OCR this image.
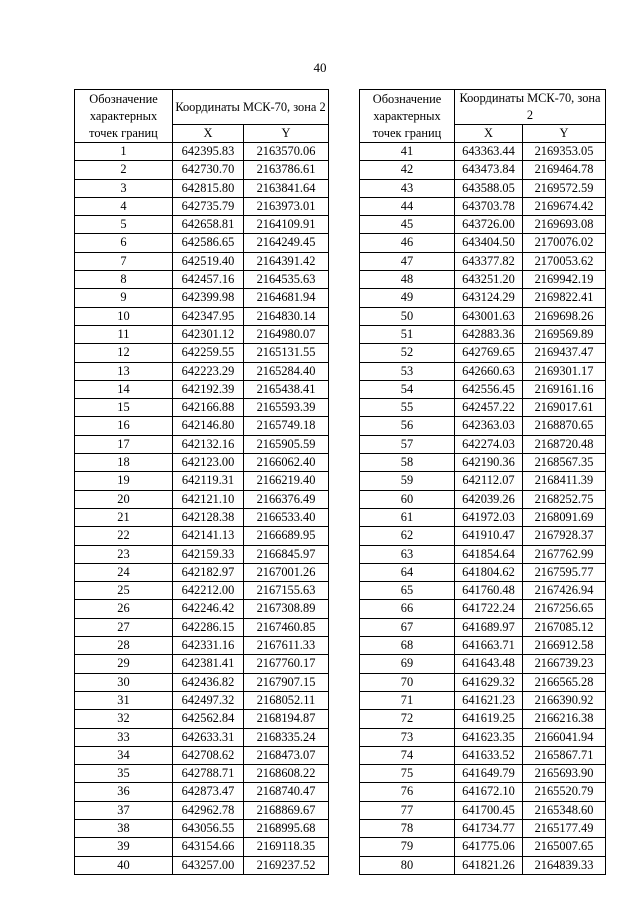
40
Обозначение характерных точек границ	Координаты МСК-70, зона 2	
	X	Y
1	642395.83	2163570.06
2	642730.70	2163786.61
3	642815.80	2163841.64
4	642735.79	2163973.01
5	642658.81	2164109.91
6	642586.65	2164249.45
7	642519.40	2164391.42
8	642457.16	2164535.63
9	642399.98	2164681.94
10	642347.95	2164830.14
11	642301.12	2164980.07
12	642259.55	2165131.55
13	642223.29	2165284.40
14	642192.39	2165438.41
15	642166.88	2165593.39
16	642146.80	2165749.18
17	642132.16	2165905.59
18	642123.00	2166062.40
19	642119.31	2166219.40
20	642121.10	2166376.49
21	642128.38	2166533.40
22	642141.13	2166689.95
23	642159.33	2166845.97
24	642182.97	2167001.26
25	642212.00	2167155.63
26	642246.42	2167308.89
27	642286.15	2167460.85
28	642331.16	2167611.33
29	642381.41	2167760.17
30	642436.82	2167907.15
31	642497.32	2168052.11
32	642562.84	2168194.87
33	642633.31	2168335.24
34	642708.62	2168473.07
35	642788.71	2168608.22
36	642873.47	2168740.47
37	642962.78	2168869.67
38	643056.55	2168995.68
39	643154.66	2169118.35
40	643257.00	2169237.52
Обозначение характерных точек границ	Координаты МСК-70, зона 2	
	X	Y
41	643363.44	2169353.05
42	643473.84	2169464.78
43	643588.05	2169572.59
44	643703.78	2169674.42
45	643726.00	2169693.08
46	643404.50	2170076.02
47	643377.82	2170053.62
48	643251.20	2169942.19
49	643124.29	2169822.41
50	643001.63	2169698.26
51	642883.36	2169569.89
52	642769.65	2169437.47
53	642660.63	2169301.17
54	642556.45	2169161.16
55	642457.22	2169017.61
56	642363.03	2168870.65
57	642274.03	2168720.48
58	642190.36	2168567.35
59	642112.07	2168411.39
60	642039.26	2168252.75
61	641972.03	2168091.69
62	641910.47	2167928.37
63	641854.64	2167762.99
64	641804.62	2167595.77
65	641760.48	2167426.94
66	641722.24	2167256.65
67	641689.97	2167085.12
68	641663.71	2166912.58
69	641643.48	2166739.23
70	641629.32	2166565.28
71	641621.23	2166390.92
72	641619.25	2166216.38
73	641623.35	2166041.94
74	641633.52	2165867.71
75	641649.79	2165693.90
76	641672.10	2165520.79
77	641700.45	2165348.60
78	641734.77	2165177.49
79	641775.06	2165007.65
80	641821.26	2164839.33
